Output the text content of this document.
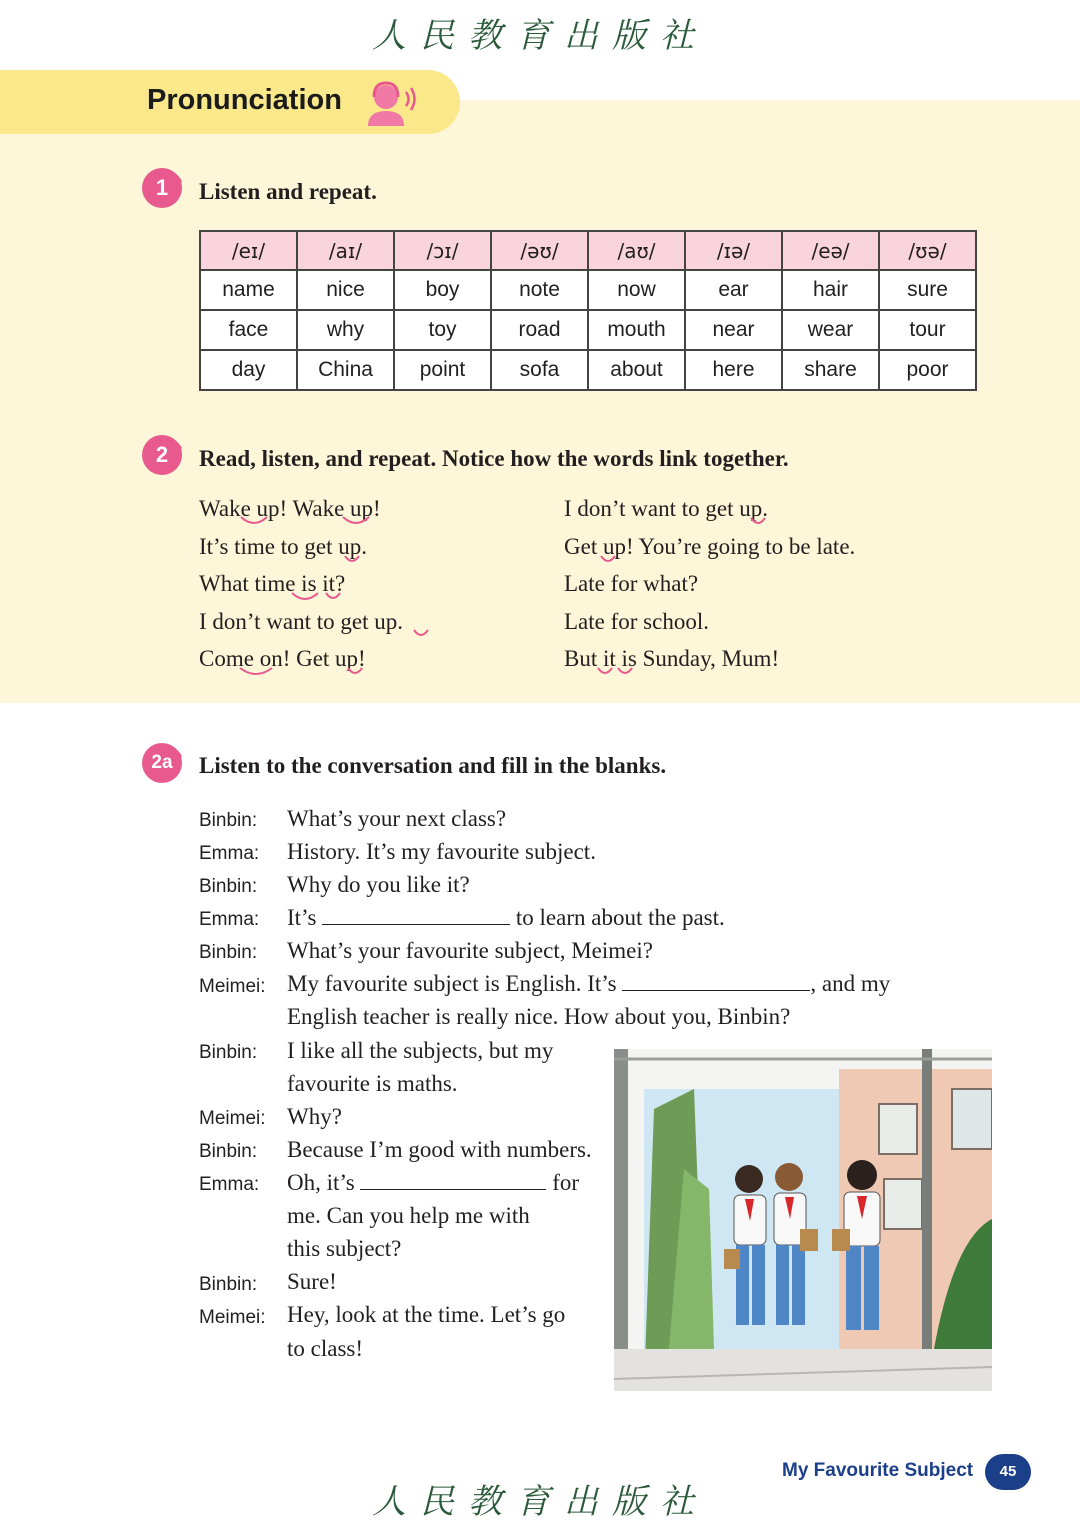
人民教育出版社
Pronunciation
1	Listen and repeat.
/eɪ/	/aɪ/	/ɔɪ/	/əʊ/	/aʊ/	/ɪə/	/eə/	/ʊə/
name	nice	boy	note	now	ear	hair	sure
face	why	toy	road	mouth	near	wear	tour
day	China	point	sofa	about	here	share	poor
2	Read, listen, and repeat. Notice how the words link together.
Wake up! Wake up!
It’s time to get up.
What time is it?
I don’t want to get up.
Come on! Get up!
I don’t want to get up.
Get up! You’re going to be late.
Late for what?
Late for school.
But it is Sunday, Mum!
2a	Listen to the conversation and fill in the blanks.
Binbin: What’s your next class?
Emma: History. It’s my favourite subject.
Binbin: Why do you like it?
Emma: It’s	to learn about the past.
Binbin: What’s your favourite subject, Meimei?
Meimei: My favourite subject is English. It’s	, and my
English teacher is really nice. How about you, Binbin?
Binbin: I like all the subjects, but my
favourite is maths.
Meimei: Why?
Binbin: Because I’m good with numbers.
Emma: Oh, it’s	for
me. Can you help me with
this subject?
Binbin: Sure!
Meimei: Hey, look at the time. Let’s go
to class!
My Favourite Subject	45
人民教育出版社
